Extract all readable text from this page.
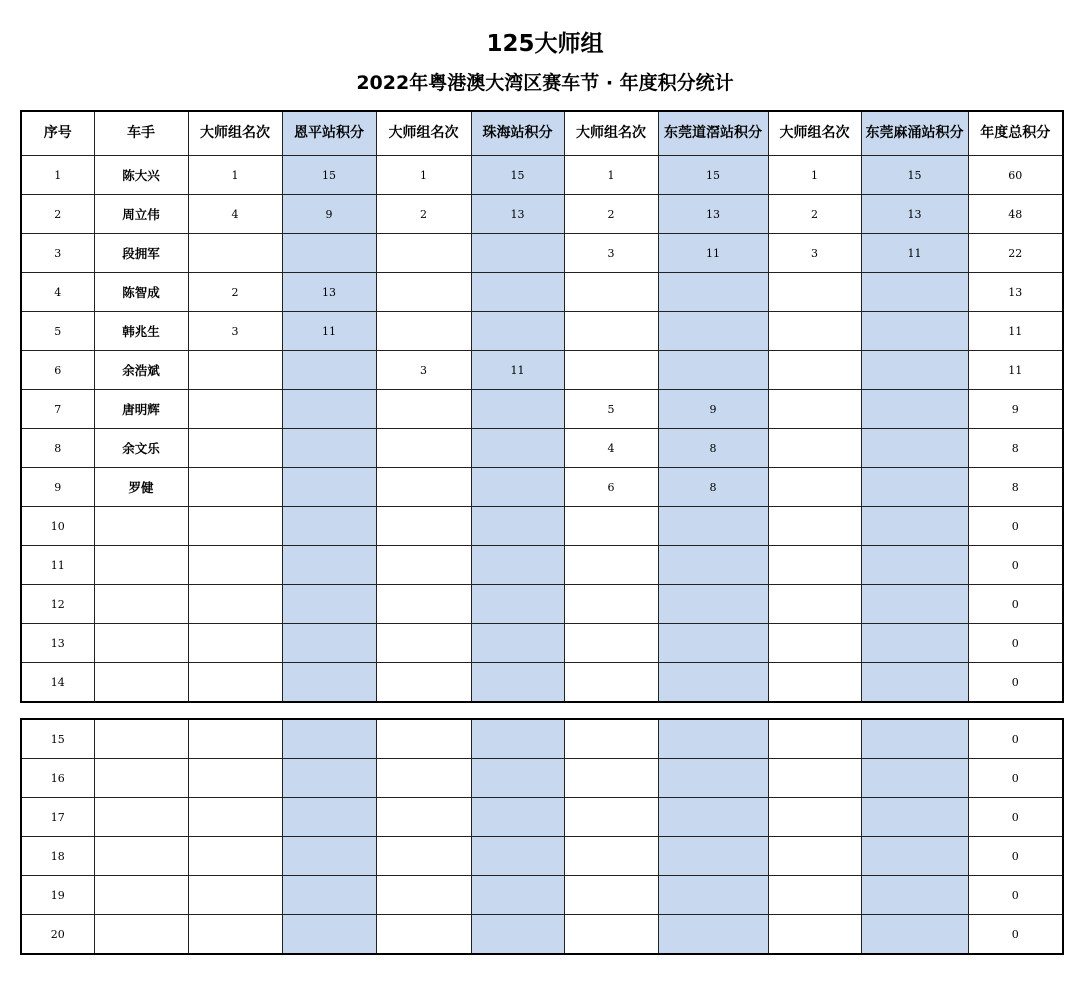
125大师组
2022年粤港澳大湾区赛车节 · 年度积分统计
序号	车手	大师组名次	恩平站积分	大师组名次	珠海站积分	大师组名次	东莞道滘站积分	大师组名次	东莞麻涌站积分	年度总积分
1	陈大兴	1	15	1	15	1	15	1	15	60
2	周立伟	4	9	2	13	2	13	2	13	48
3	段拥军					3	11	3	11	22
4	陈智成	2	13							13
5	韩兆生	3	11							11
6	余浩斌			3	11					11
7	唐明辉					5	9			9
8	余文乐					4	8			8
9	罗健					6	8			8
10										0
11										0
12										0
13										0
14										0
15										0
16										0
17										0
18										0
19										0
20										0
